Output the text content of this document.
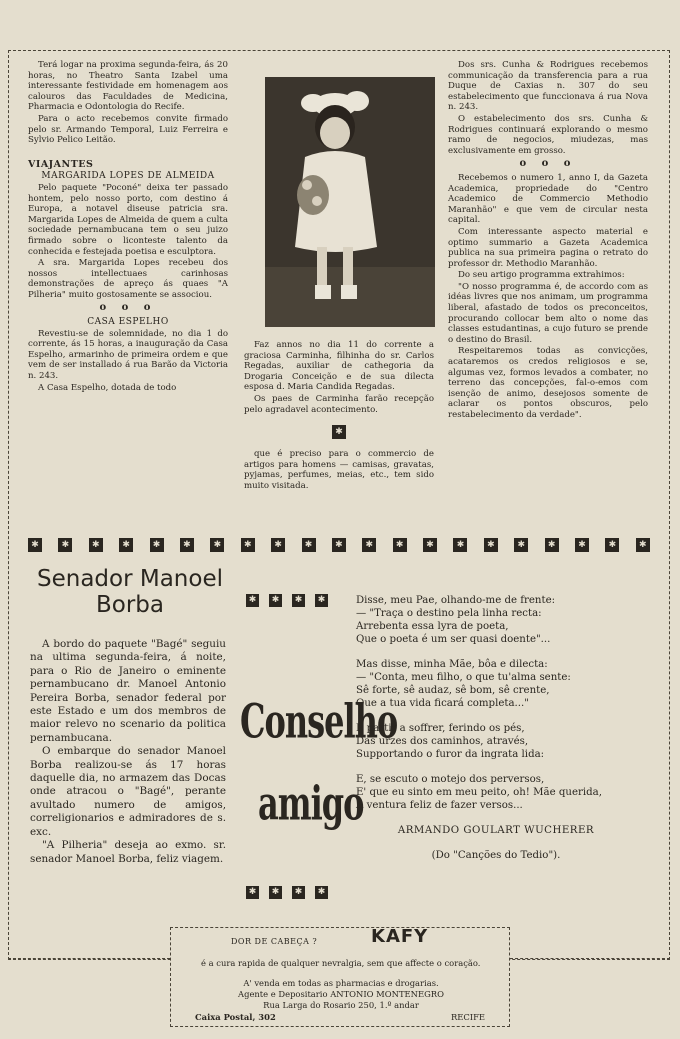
Terá logar na proxima segunda-feira, ás 20 horas, no Theatro Santa Izabel uma interessante festividade em homenagem aos calouros das Faculdades de Medicina, Pharmacia e Odontologia do Recife.

Para o acto recebemos convite firmado pelo sr. Armando Temporal, Luiz Ferreira e Sylvio Pelico Leitão.

VIAJANTES

MARGARIDA LOPES DE ALMEIDA

Pelo paquete "Poconé" deixa ter passado hontem, pelo nosso porto, com destino á Europa, a notavel diseuse patricia sra. Margarida Lopes de Almeida de quem a culta sociedade pernambucana tem o seu juizo firmado sobre o liconteste talento da conhecida e festejada poetisa e esculptora.

A sra. Margarida Lopes recebeu dos nossos intellectuaes carinhosas demonstrações de apreço ás quaes "A Pilheria" muito gostosamente se associou.

o o o

CASA ESPELHO

Revestiu-se de solemnidade, no dia 1 do corrente, ás 15 horas, a inauguração da Casa Espelho, armarinho de primeira ordem e que vem de ser installado á rua Barão da Victoria n. 243.

A Casa Espelho, dotada de todo

Faz annos no dia 11 do corrente a graciosa Carminha, filhinha do sr. Carlos Regadas, auxiliar de cathegoria da Drogaria Conceição e de sua dilecta esposa d. Maria Candida Regadas.

Os paes de Carminha farão recepção pelo agradavel acontecimento.

✱

que é preciso para o commercio de artigos para homens — camisas, gravatas, pyjamas, perfumes, meias, etc., tem sido muito visitada.

Dos srs. Cunha & Rodrigues recebemos communicação da transferencia para a rua Duque de Caxias n. 307 do seu estabelecimento que funccionava á rua Nova n. 243.

O estabelecimento dos srs. Cunha & Rodrigues continuará explorando o mesmo ramo de negocios, miudezas, mas exclusivamente em grosso.

o o o

Recebemos o numero 1, anno I, da Gazeta Academica, propriedade do "Centro Academico de Commercio Methodio Maranhão" e que vem de circular nesta capital.

Com interessante aspecto material e optimo summario a Gazeta Academica publica na sua primeira pagina o retrato do professor dr. Methodio Maranhão.

Do seu artigo programma extrahimos:

"O nosso programma é, de accordo com as idéas livres que nos animam, um programma liberal, afastado de todos os preconceitos, procurando collocar bem alto o nome das classes estudantinas, a cujo futuro se prende o destino do Brasil.

Respeitaremos todas as convicções, acataremos os credos religiosos e se, algumas vez, formos levados a combater, no terreno das concepções, fal-o-emos com isenção de animo, desejosos somente de aclarar os pontos obscuros, pelo restabelecimento da verdade".

✱	✱	✱	✱	✱	✱	✱	✱	✱	✱	✱	✱	✱	✱	✱	✱	✱	✱	✱	✱	✱
Senador Manoel
Borba

A bordo do paquete "Bagé" seguiu na ultima segunda-feira, á noite, para o Rio de Janeiro o eminente pernambucano dr. Manoel Antonio Pereira Borba, senador federal por este Estado e um dos membros de maior relevo no scenario da politica pernambucana.

O embarque do senador Manoel Borba realizou-se ás 17 horas daquelle dia, no armazem das Docas onde atracou o "Bagé", perante avultado numero de amigos, correligionarios e admiradores de s. exc.

"A Pilheria" deseja ao exmo. sr. senador Manoel Borba, feliz viagem.

✱	✱	✱	✱
Conselho
amigo
✱	✱	✱	✱
Disse, meu Pae, olhando-me de frente:
— "Traça o destino pela linha recta:
Arrebenta essa lyra de poeta,
Que o poeta é um ser quasi doente"...
Mas disse, minha Mãe, bôa e dilecta:
— "Conta, meu filho, o que tu'alma sente:
Sê forte, sê audaz, sê bom, sê crente,
Que a tua vida ficará completa..."
E partir a soffrer, ferindo os pés,
Das urzes dos caminhos, através,
Supportando o furor da ingrata lida:
E, se escuto o motejo dos perversos,
E' que eu sinto em meu peito, oh! Mãe querida,
A ventura feliz de fazer versos...
ARMANDO GOULART WUCHERER
(Do "Canções do Tedio").
DOR DE CABEÇA ?	KAFY

é a cura rapida de qualquer nevralgia, sem que affecte o coração.

A' venda em todas as pharmacias e drogarias.
Agente e Depositario ANTONIO MONTENEGRO
Rua Larga do Rosario 250, 1.º andar
Caixa Postal, 302	RECIFE
